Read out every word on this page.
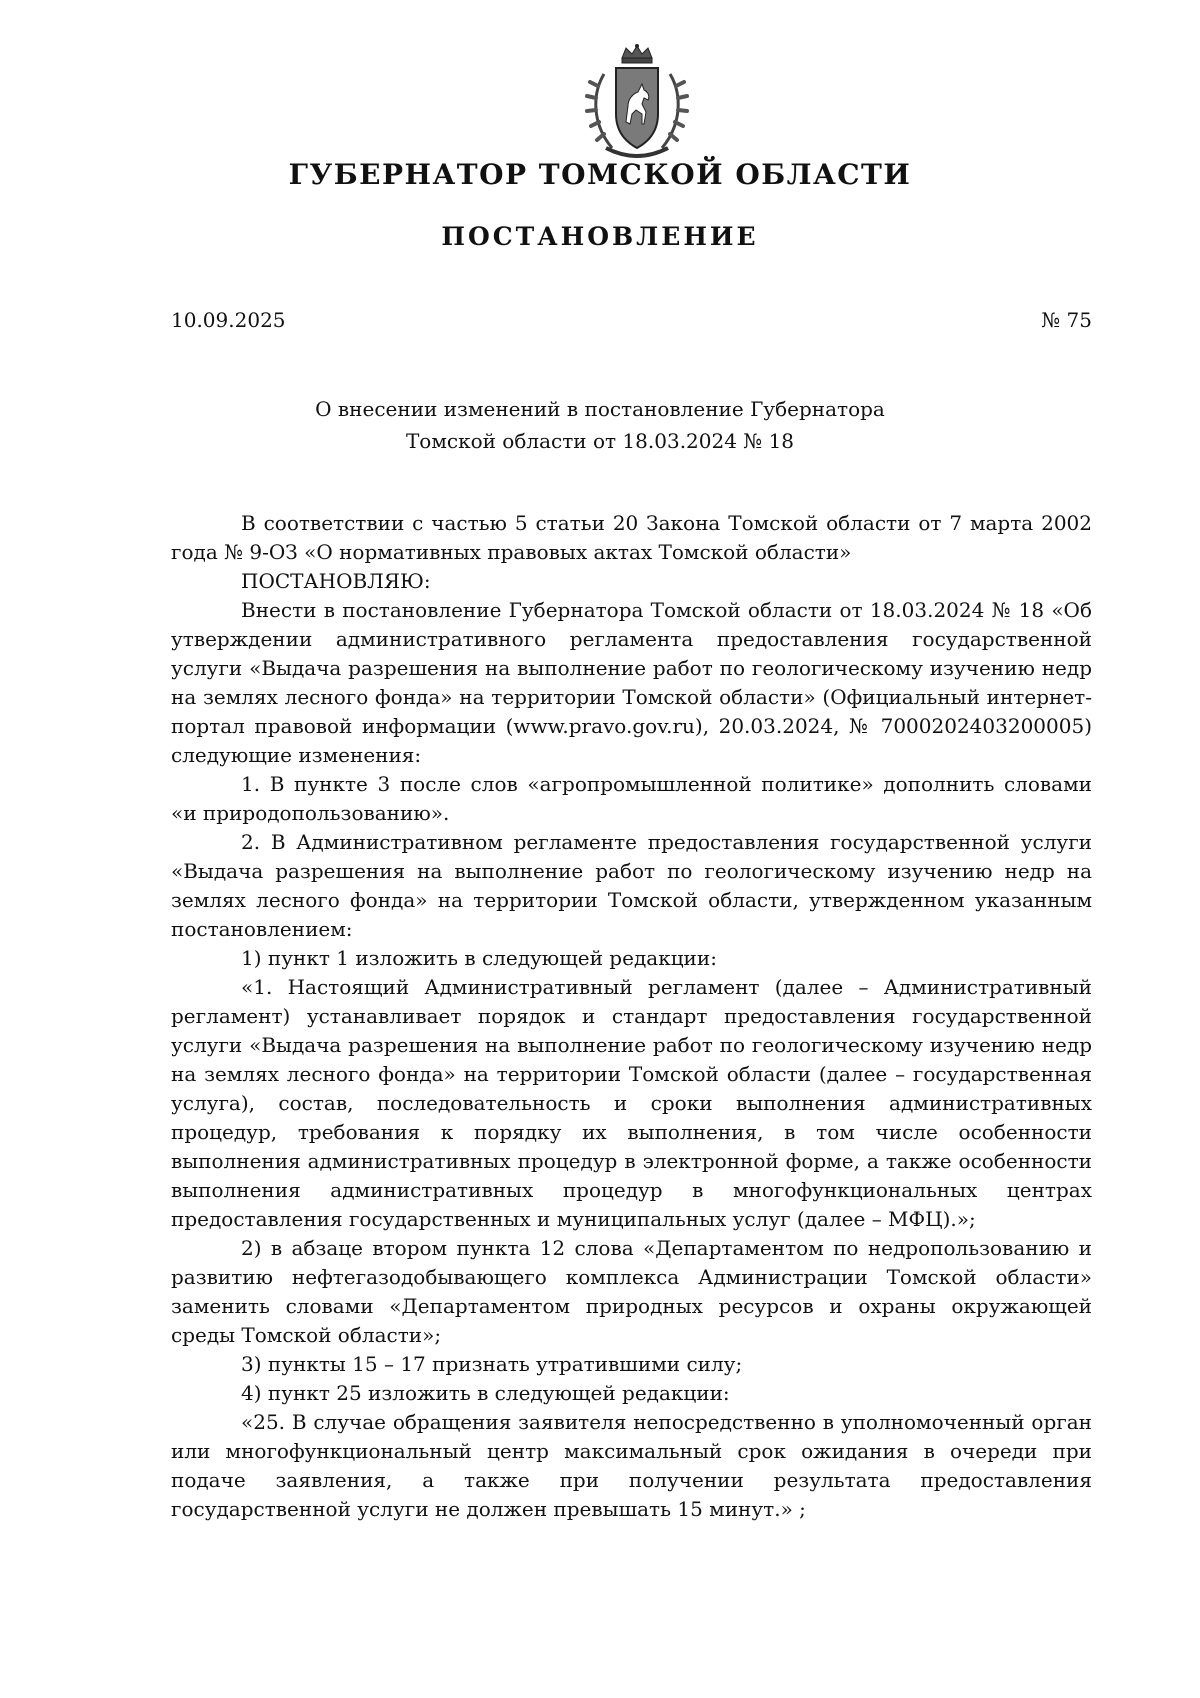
ГУБЕРНАТОР ТОМСКОЙ ОБЛАСТИ
ПОСТАНОВЛЕНИЕ
10.09.2025	№ 75
О внесении изменений в постановление Губернатора
Томской области от 18.03.2024 № 18

В соответствии с частью 5 статьи 20 Закона Томской области от 7 марта 2002 года № 9-ОЗ «О нормативных правовых актах Томской области»

ПОСТАНОВЛЯЮ:

Внести в постановление Губернатора Томской области от 18.03.2024 № 18 «Об утверждении административного регламента предоставления государственной услуги «Выдача разрешения на выполнение работ по геологическому изучению недр на землях лесного фонда» на территории Томской области» (Официальный интернет-портал правовой информации (www.pravo.gov.ru), 20.03.2024, № 7000202403200005) следующие изменения:

1. В пункте 3 после слов «агропромышленной политике» дополнить словами «и природопользованию».

2. В Административном регламенте предоставления государственной услуги «Выдача разрешения на выполнение работ по геологическому изучению недр на землях лесного фонда» на территории Томской области, утвержденном указанным постановлением:

1) пункт 1 изложить в следующей редакции:

«1. Настоящий Административный регламент (далее – Административный регламент) устанавливает порядок и стандарт предоставления государственной услуги «Выдача разрешения на выполнение работ по геологическому изучению недр на землях лесного фонда» на территории Томской области (далее – государственная услуга), состав, последовательность и сроки выполнения административных процедур, требования к порядку их выполнения, в том числе особенности выполнения административных процедур в электронной форме, а также особенности выполнения административных процедур в многофункциональных центрах предоставления государственных и муниципальных услуг (далее – МФЦ).»;

2) в абзаце втором пункта 12 слова «Департаментом по недропользованию и развитию нефтегазодобывающего комплекса Администрации Томской области» заменить словами «Департаментом природных ресурсов и охраны окружающей среды Томской области»;

3) пункты 15 – 17 признать утратившими силу;

4) пункт 25 изложить в следующей редакции:

«25. В случае обращения заявителя непосредственно в уполномоченный орган или многофункциональный центр максимальный срок ожидания в очереди при подаче заявления, а также при получении результата предоставления государственной услуги не должен превышать 15 минут.» ;
